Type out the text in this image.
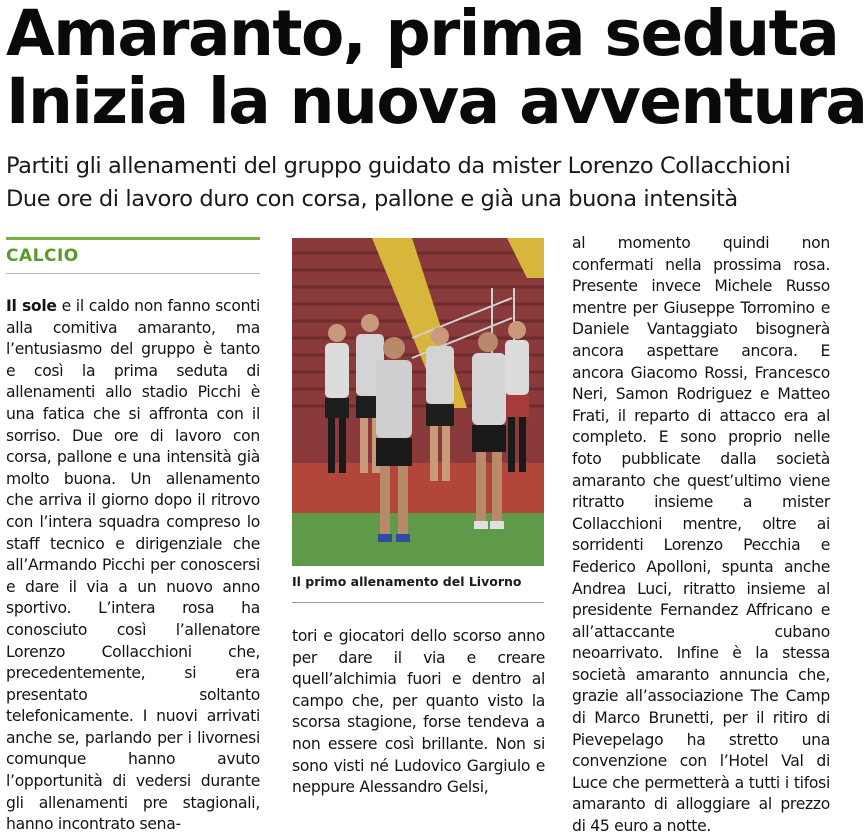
Amaranto, prima seduta
Inizia la nuova avventura
Partiti gli allenamenti del gruppo guidato da mister Lorenzo Collacchioni
Due ore di lavoro duro con corsa, pallone e già una buona intensità
CALCIO

Il sole e il caldo non fanno sconti alla comitiva amaranto, ma l’entusiasmo del gruppo è tanto e così la prima seduta di allenamenti allo stadio Picchi è una fatica che si affronta con il sorriso. Due ore di lavoro con corsa, pallone e una intensità già molto buona. Un allenamento che arriva il giorno dopo il ritrovo con l’intera squadra compreso lo staff tecnico e dirigenziale che all’Armando Picchi per conoscersi e dare il via a un nuovo anno sportivo. L’intera rosa ha conosciuto così l’allenatore Lorenzo Collacchioni che, precedentemente, si era presentato soltanto telefonicamente. I nuovi arrivati anche se, parlando per i livornesi comunque hanno avuto l’opportunità di vedersi durante gli allenamenti pre stagionali, hanno incontrato sena-

Il primo allenamento del Livorno

tori e giocatori dello scorso anno per dare il via e creare quell’alchimia fuori e dentro al campo che, per quanto visto la scorsa stagione, forse tendeva a non essere così brillante. Non si sono visti né Ludovico Gargiulo e neppure Alessandro Gelsi,

al momento quindi non confermati nella prossima rosa. Presente invece Michele Russo mentre per Giuseppe Torromino e Daniele Vantaggiato bisognerà ancora aspettare ancora. E ancora Giacomo Rossi, Francesco Neri, Samon Rodriguez e Matteo Frati, il reparto di attacco era al completo. E sono proprio nelle foto pubblicate dalla società amaranto che quest’ultimo viene ritratto insieme a mister Collacchioni mentre, oltre ai sorridenti Lorenzo Pecchia e Federico Apolloni, spunta anche Andrea Luci, ritratto insieme al presidente Fernandez Affricano e all’attaccante cubano neoarrivato. Infine è la stessa società amaranto annuncia che, grazie all’associazione The Camp di Marco Brunetti, per il ritiro di Pievepelago ha stretto una convenzione con l’Hotel Val di Luce che permetterà a tutti i tifosi amaranto di alloggiare al prezzo di 45 euro a notte.
